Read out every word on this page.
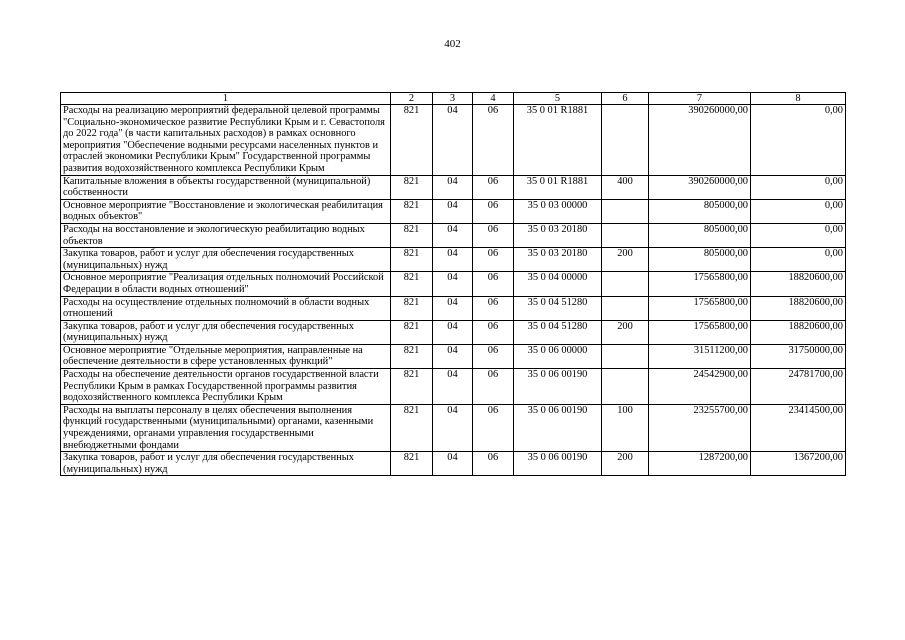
402
1	2	3	4	5	6	7	8
Расходы на реализацию мероприятий федеральной целевой программы "Социально-экономическое развитие Республики Крым и г. Севастополя до 2022 года" (в части капитальных расходов) в рамках основного мероприятия "Обеспечение водными ресурсами населенных пунктов и отраслей экономики Республики Крым" Государственной программы развития водохозяйственного комплекса Республики Крым	821	04	06	35 0 01 R1881		390260000,00	0,00
Капитальные вложения в объекты государственной (муниципальной) собственности	821	04	06	35 0 01 R1881	400	390260000,00	0,00
Основное мероприятие "Восстановление и экологическая реабилитация водных объектов"	821	04	06	35 0 03 00000		805000,00	0,00
Расходы на восстановление и экологическую реабилитацию водных объектов	821	04	06	35 0 03 20180		805000,00	0,00
Закупка товаров, работ и услуг для обеспечения государственных (муниципальных) нужд	821	04	06	35 0 03 20180	200	805000,00	0,00
Основное мероприятие "Реализация отдельных полномочий Российской Федерации в области водных отношений"	821	04	06	35 0 04 00000		17565800,00	18820600,00
Расходы на осуществление отдельных полномочий в области водных отношений	821	04	06	35 0 04 51280		17565800,00	18820600,00
Закупка товаров, работ и услуг для обеспечения государственных (муниципальных) нужд	821	04	06	35 0 04 51280	200	17565800,00	18820600,00
Основное мероприятие "Отдельные мероприятия, направленные на обеспечение деятельности в сфере установленных функций"	821	04	06	35 0 06 00000		31511200,00	31750000,00
Расходы на обеспечение деятельности органов государственной власти Республики Крым в рамках Государственной программы развития водохозяйственного комплекса Республики Крым	821	04	06	35 0 06 00190		24542900,00	24781700,00
Расходы на выплаты персоналу в целях обеспечения выполнения функций государственными (муниципальными) органами, казенными учреждениями, органами управления государственными внебюджетными фондами	821	04	06	35 0 06 00190	100	23255700,00	23414500,00
Закупка товаров, работ и услуг для обеспечения государственных (муниципальных) нужд	821	04	06	35 0 06 00190	200	1287200,00	1367200,00
